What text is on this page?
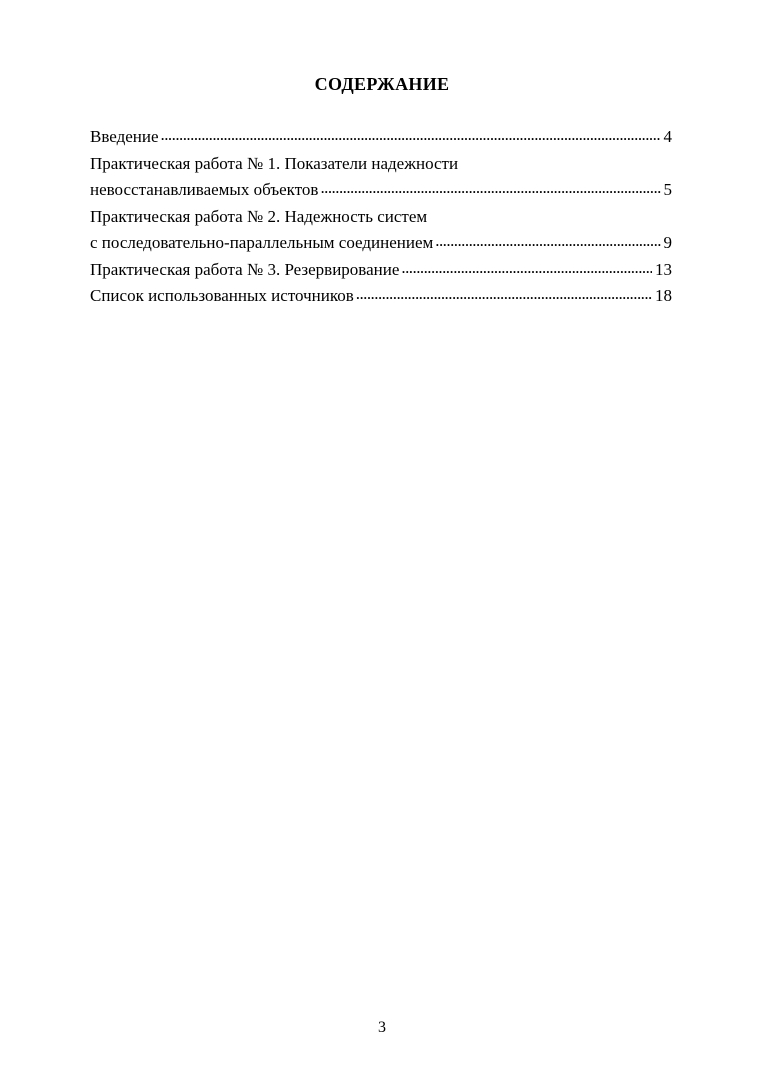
СОДЕРЖАНИЕ
Введение . . .	4
Практическая работа № 1. Показатели надежности
невосстанавливаемых объектов . . .	5
Практическая работа № 2. Надежность систем
с последовательно-параллельным соединением . . .	9
Практическая работа № 3. Резервирование . . .	13
Список использованных источников . . .	18
3
